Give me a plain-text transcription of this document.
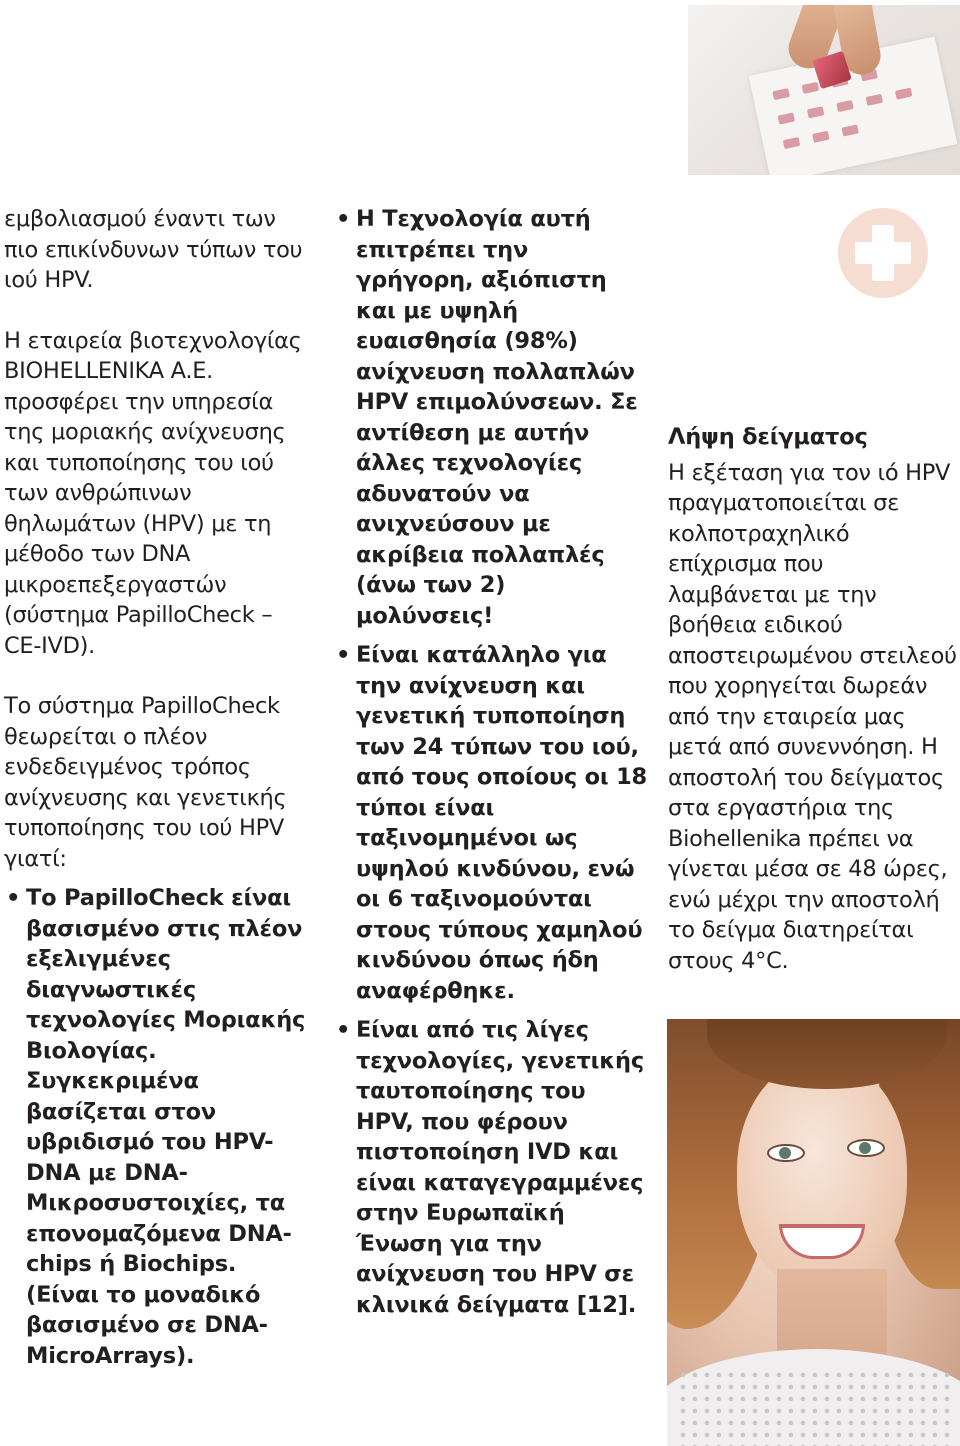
εμβολιασμού έναντι των πιο επικίνδυνων τύπων του ιού HPV.

Η εταιρεία βιοτεχνολογίας BIOHELLENIKA A.E. προσφέρει την υπηρεσία της μοριακής ανίχνευσης και τυποποίησης του ιού των ανθρώπινων θηλωμάτων (HPV) με τη μέθοδο των DNA μικροεπεξεργαστών (σύστημα PapilloCheck – CE-IVD).

Το σύστημα PapilloCheck θεωρείται ο πλέον ενδεδειγμένος τρόπος ανίχνευσης και γενετικής τυποποίησης του ιού HPV γιατί:

• Το PapilloCheck είναι βασισμένο στις πλέον εξελιγμένες διαγνωστικές τεχνολογίες Μοριακής Βιολογίας. Συγκεκριμένα βασίζεται στον υβριδισμό του HPV-DNA με DNA-Μικροσυστοιχίες, τα επονομαζόμενα DNA-chips ή Biochips. (Είναι το μοναδικό βασισμένο σε DNA-MicroArrays).
• Η Τεχνολογία αυτή επιτρέπει την γρήγορη, αξιόπιστη και με υψηλή ευαισθησία (98%) ανίχνευση πολλαπλών HPV επιμολύνσεων. Σε αντίθεση με αυτήν άλλες τεχνολογίες αδυνατούν να ανιχνεύσουν με ακρίβεια πολλαπλές (άνω των 2) μολύνσεις!
• Είναι κατάλληλο για την ανίχνευση και γενετική τυποποίηση των 24 τύπων του ιού, από τους οποίους οι 18 τύποι είναι ταξινομημένοι ως υψηλού κινδύνου, ενώ οι 6 ταξινομούνται στους τύπους χαμηλού κινδύνου όπως ήδη αναφέρθηκε.
• Είναι από τις λίγες τεχνολογίες, γενετικής ταυτοποίησης του HPV, που φέρουν πιστοποίηση IVD και είναι καταγεγραμμένες στην Ευρωπαϊκή Ένωση για την ανίχνευση του HPV σε κλινικά δείγματα [12].
Λήψη δείγματος

Η εξέταση για τον ιό HPV πραγματοποιείται σε κολποτραχηλικό επίχρισμα που λαμβάνεται με την βοήθεια ειδικού αποστειρωμένου στειλεού που χορηγείται δωρεάν από την εταιρεία μας μετά από συνεννόηση. Η αποστολή του δείγματος στα εργαστήρια της Biohellenika πρέπει να γίνεται μέσα σε 48 ώρες, ενώ μέχρι την αποστολή το δείγμα διατηρείται στους 4°C.
